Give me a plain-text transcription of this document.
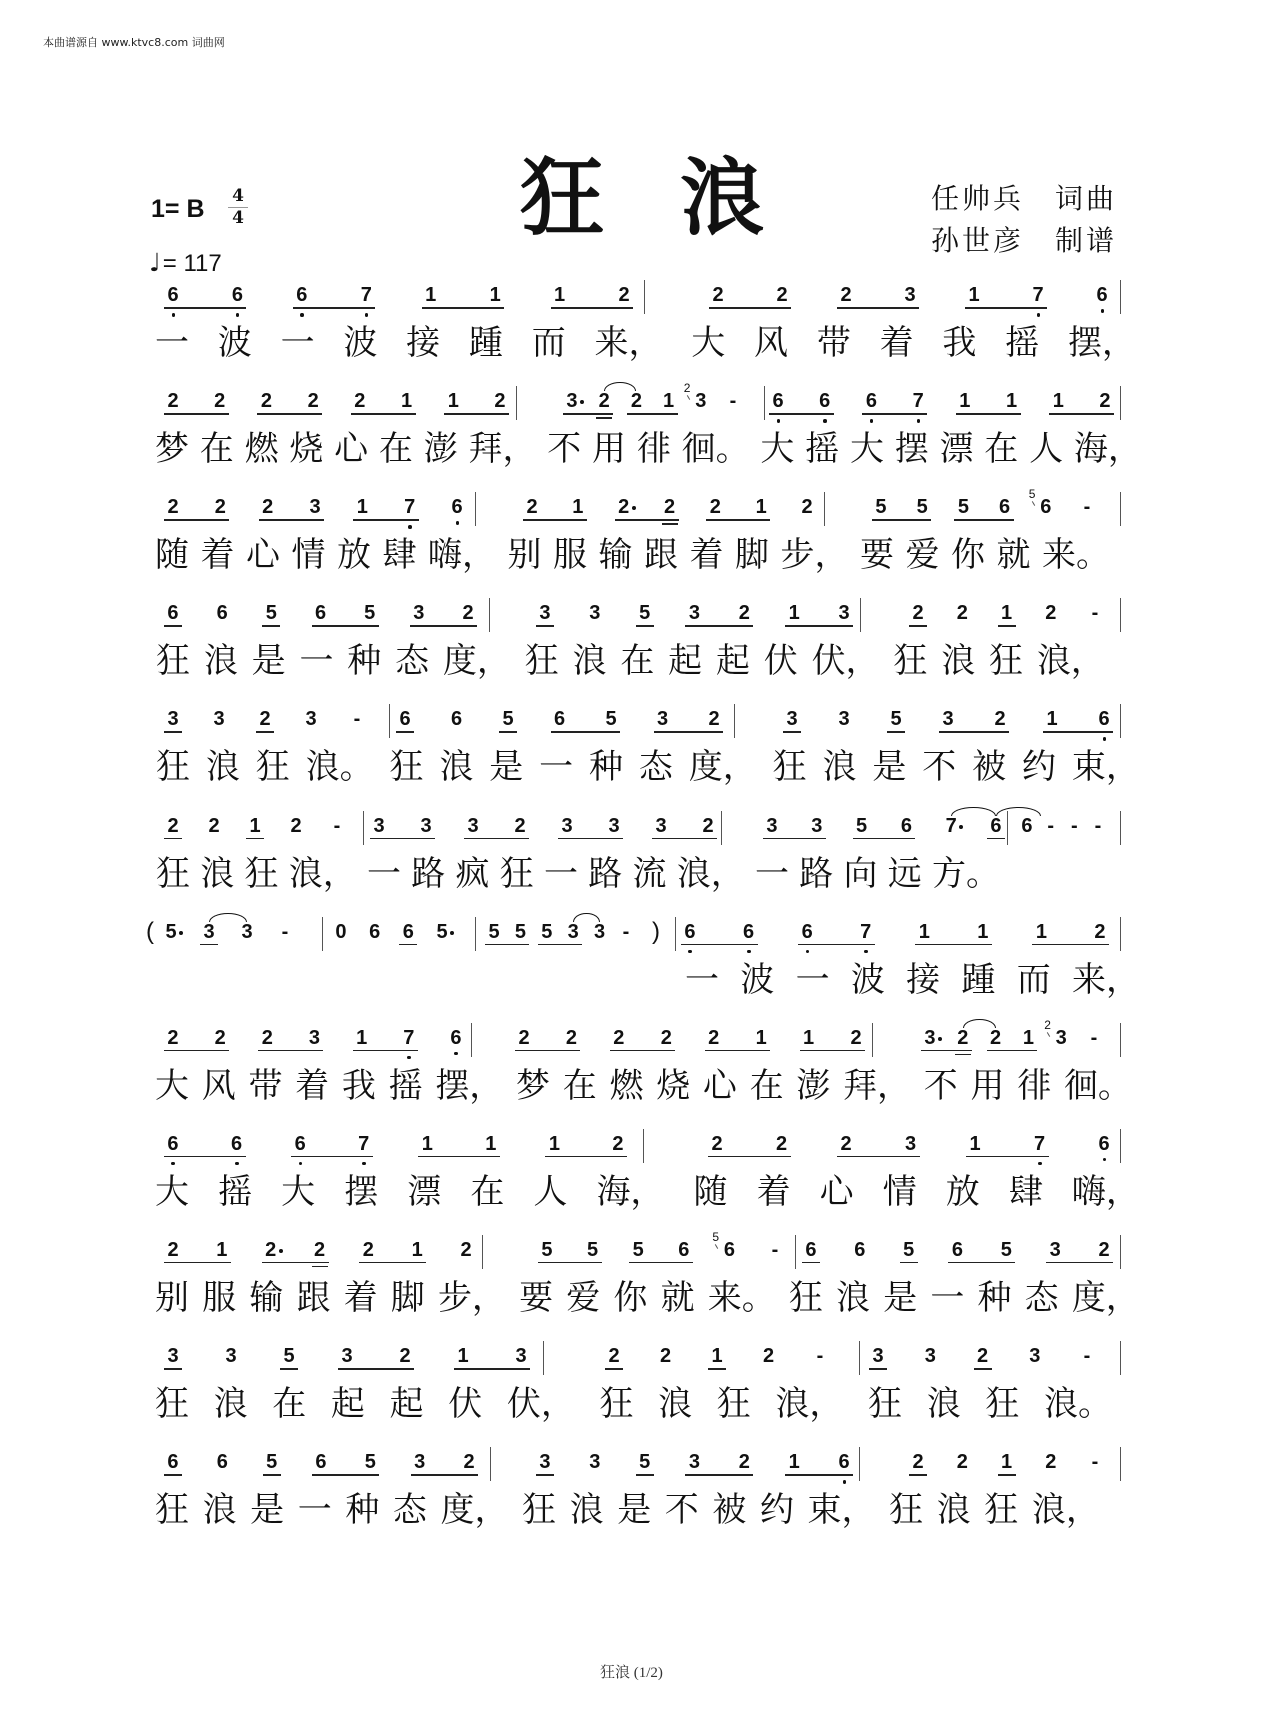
本曲谱源自 www.ktvc8.com 词曲网
1= B 4
4
♩= 117
狂浪	任帅兵　词曲
孙世彦　制谱
6	6	6	7	1	1	1	2	2	2	2	3	1	7	6
一 波 一 波 接 踵 而 来， 大 风 带 着 我 摇 摆，
2	2	2	2	2	1	1	2	3	2	2	1	3
2
-	6	6	6	7	1	1	1	2
梦 在 燃 烧 心 在 澎 拜， 不 用 徘 徊。 大 摇 大 摆 漂 在 人 海，
2	2	2	3	1	7	6	2	1	2	2	2	1	2	5	5	5	6	6
5
-
随 着 心 情 放 肆 嗨， 别 服 输 跟 着 脚 步， 要 爱 你 就 来。
6	6	5	6	5	3	2	3	3	5	3	2	1	3	2	2	1	2	-
狂 浪 是 一 种 态 度， 狂 浪 在 起 起 伏 伏， 狂 浪 狂 浪，
3	3	2	3	-	6	6	5	6	5	3	2	3	3	5	3	2	1	6
狂 浪 狂 浪。 狂 浪 是 一 种 态 度， 狂 浪 是 不 被 约 束，
2	2	1	2	-	3	3	3	2	3	3	3	2	3	3	5	6	7	6 6 - - -
狂 浪 狂 浪， 一 路 疯 狂 一 路 流 浪， 一 路 向 远 方。
(	)
5	3	3	-	0	6	6	5	5 5 5 3 3 -	6	6	6	7	1	1	1	2
一 波 一 波 接 踵 而 来，
2	2	2	3	1	7	6	2	2	2	2	2	1	1	2	3	2	2	1	3
2
-
大 风 带 着 我 摇 摆， 梦 在 燃 烧 心 在 澎 拜， 不 用 徘 徊。
6	6	6	7	1	1	1	2	2	2	2	3	1	7	6
大 摇 大 摆 漂 在 人 海， 随 着 心 情 放 肆 嗨，
2	1	2	2	2	1	2	5	5	5	6	6
5
-	6	6	5	6	5	3	2
别 服 输 跟 着 脚 步， 要 爱 你 就 来。 狂 浪 是 一 种 态 度，
3	3	5	3	2	1	3	2	2	1	2	-	3	3	2	3	-
狂 浪 在 起 起 伏 伏， 狂 浪 狂 浪， 狂 浪 狂 浪。
6	6	5	6	5	3	2	3	3	5	3	2	1	6	2	2	1	2	-
狂 浪 是 一 种 态 度， 狂 浪 是 不 被 约 束， 狂 浪 狂 浪，
狂浪 (1/2)
